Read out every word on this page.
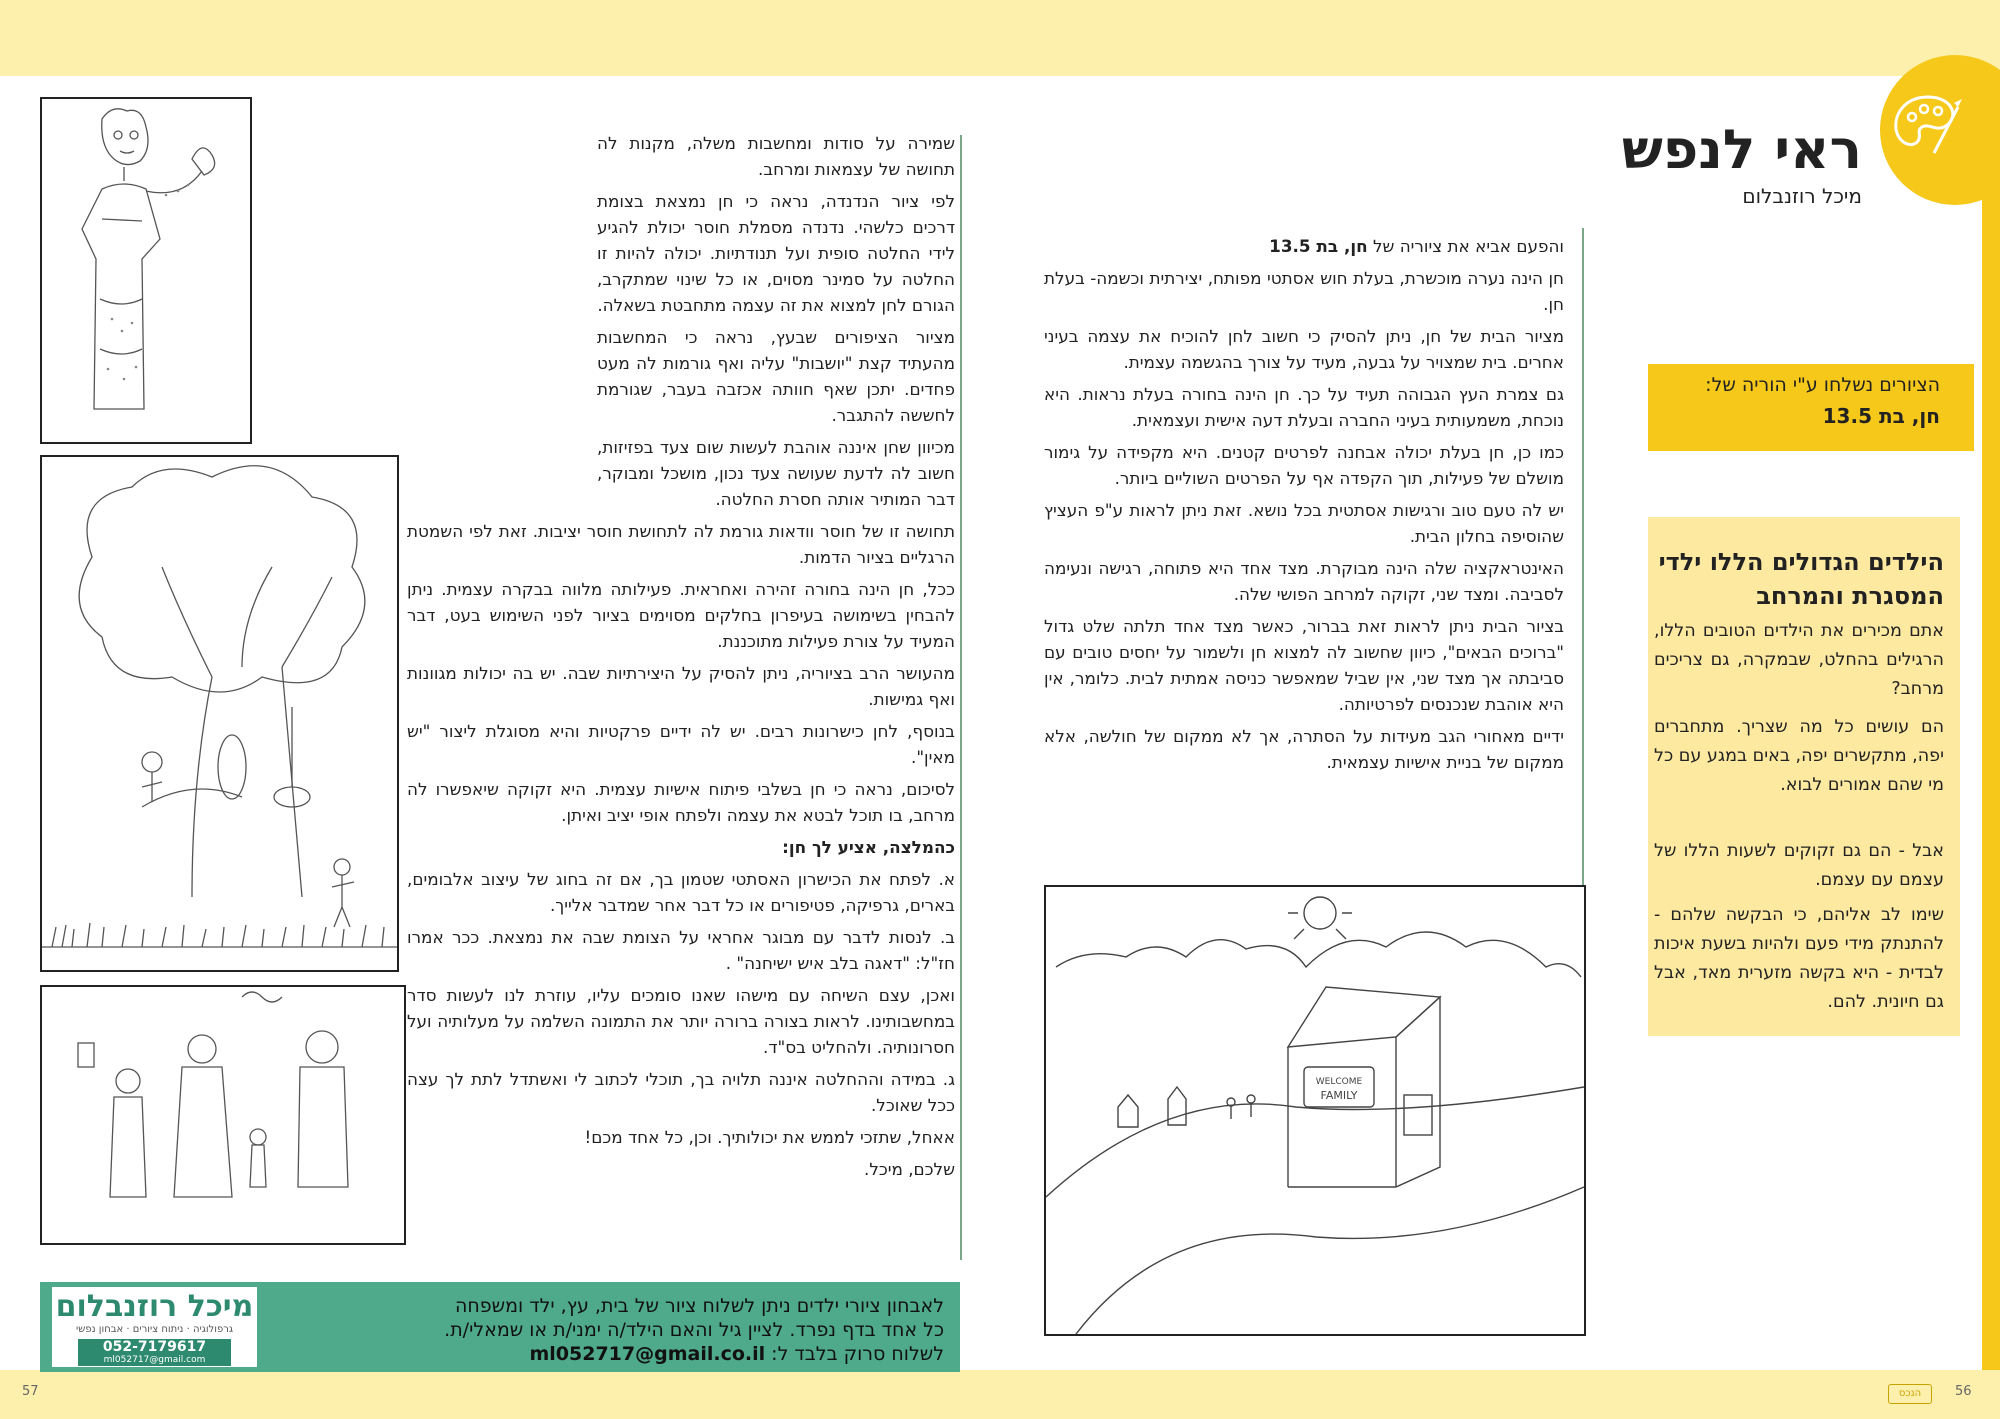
57	56
הנכס
ראי לנפש
מיכל רוזנבלום
הציורים נשלחו ע"י הוריה של:
חן, בת 13.5
הילדים הגדולים הללו ילדי המסגרת והמרחב

אתם מכירים את הילדים הטובים הללו, הרגילים בהחלט, שבמקרה, גם צריכים מרחב?

הם עושים כל מה שצריך. מתחברים יפה, מתקשרים יפה, באים במגע עם כל מי שהם אמורים לבוא.

אבל - הם גם זקוקים לשעות הללו של עצמם עם עצמם.

שימו לב אליהם, כי הבקשה שלהם - להתנתק מידי פעם ולהיות בשעת איכות לבדית - היא בקשה מזערית מאד, אבל גם חיונית. להם.

והפעם אביא את ציוריה של חן, בת 13.5

חן הינה נערה מוכשרת, בעלת חוש אסתטי מפותח, יצירתית וכשמה- בעלת חן.

מציור הבית של חן, ניתן להסיק כי חשוב לחן להוכיח את עצמה בעיני אחרים. בית שמצויר על גבעה, מעיד על צורך בהגשמה עצמית.

גם צמרת העץ הגבוהה תעיד על כך. חן הינה בחורה בעלת נראות. היא נוכחת, משמעותית בעיני החברה ובעלת דעה אישית ועצמאית.

כמו כן, חן בעלת יכולה אבחנה לפרטים קטנים. היא מקפידה על גימור מושלם של פעילות, תוך הקפדה אף על הפרטים השוליים ביותר.

יש לה טעם טוב ורגישות אסתטית בכל נושא. זאת ניתן לראות ע"פ העציץ שהוסיפה בחלון הבית.

האינטראקציה שלה הינה מבוקרת. מצד אחד היא פתוחה, רגישה ונעימה לסביבה. ומצד שני, זקוקה למרחב הפושי שלה.

בציור הבית ניתן לראות זאת בברור, כאשר מצד אחד תלתה שלט גדול "ברוכים הבאים", כיוון שחשוב לה למצוא חן ולשמור על יחסים טובים עם סביבתה אך מצד שני, אין שביל שמאפשר כניסה אמתית לבית. כלומר, אין היא אוהבת שנכנסים לפרטיותה.

ידיים מאחורי הגב מעידות על הסתרה, אך לא ממקום של חולשה, אלא ממקום של בניית אישיות עצמאית.

שמירה על סודות ומחשבות משלה, מקנות לה תחושה של עצמאות ומרחב.

לפי ציור הנדנדה, נראה כי חן נמצאת בצומת דרכים כלשהי. נדנדה מסמלת חוסר יכולת להגיע לידי החלטה סופית ועל תנודתיות. יכולה להיות זו החלטה על סמינר מסוים, או כל שינוי שמתקרב, הגורם לחן למצוא את זה עצמה מתחבטת בשאלה.

מציור הציפורים שבעץ, נראה כי המחשבות מהעתיד קצת "יושבות" עליה ואף גורמות לה מעט פחדים. יתכן שאף חוותה אכזבה בעבר, שגורמת לחששה להתגבר.

מכיוון שחן איננה אוהבת לעשות שום צעד בפזיזות, חשוב לה לדעת שעושה צעד נכון, מושכל ומבוקר, דבר המותיר אותה חסרת החלטה.

תחושה זו של חוסר וודאות גורמת לה לתחושת חוסר יציבות. זאת לפי השמטת הרגליים בציור הדמות.

ככל, חן הינה בחורה זהירה ואחראית. פעילותה מלווה בבקרה עצמית. ניתן להבחין בשימושה בעיפרון בחלקים מסוימים בציור לפני השימוש בעט, דבר המעיד על צורת פעילות מתוכננת.

מהעושר הרב בציוריה, ניתן להסיק על היצירתיות שבה. יש בה יכולות מגוונות ואף גמישות.

בנוסף, לחן כישרונות רבים. יש לה ידיים פרקטיות והיא מסוגלת ליצור "יש מאין".

לסיכום, נראה כי חן בשלבי פיתוח אישיות עצמית. היא זקוקה שיאפשרו לה מרחב, בו תוכל לבטא את עצמה ולפתח אופי יציב ואיתן.

כהמלצה, אציע לך חן:

א. לפתח את הכישרון האסתטי שטמון בך, אם זה בחוג של עיצוב אלבומים, בארים, גרפיקה, פטיפורים או כל דבר אחר שמדבר אלייך.

ב. לנסות לדבר עם מבוגר אחראי על הצומת שבה את נמצאת. ככר אמרו חז"ל: "דאגה בלב איש ישיחנה" .

ואכן, עצם השיחה עם מישהו שאנו סומכים עליו, עוזרת לנו לעשות סדר במחשבותינו. לראות בצורה ברורה יותר את התמונה השלמה על מעלותיה ועל חסרונותיה. ולהחליט בס"ד.

ג. במידה וההחלטה איננה תלויה בך, תוכלי לכתוב לי ואשתדל לתת לך עצה ככל שאוכל.

אאחל, שתזכי לממש את יכולותיך. וכן, כל אחד מכם!

שלכם, מיכל.

WELCOME
FAMILY
לאבחון ציורי ילדים ניתן לשלוח ציור של בית, עץ, ילד ומשפחה
כל אחד בדף נפרד. לציין גיל והאם הילד/ה ימני/ת או שמאלי/ת.
לשלוח סרוק בלבד ל: ml052717@gmail.co.il
מיכל רוזנבלום
גרפולוגיה · ניתוח ציורים · אבחון נפשי
052-7179617
ml052717@gmail.com
